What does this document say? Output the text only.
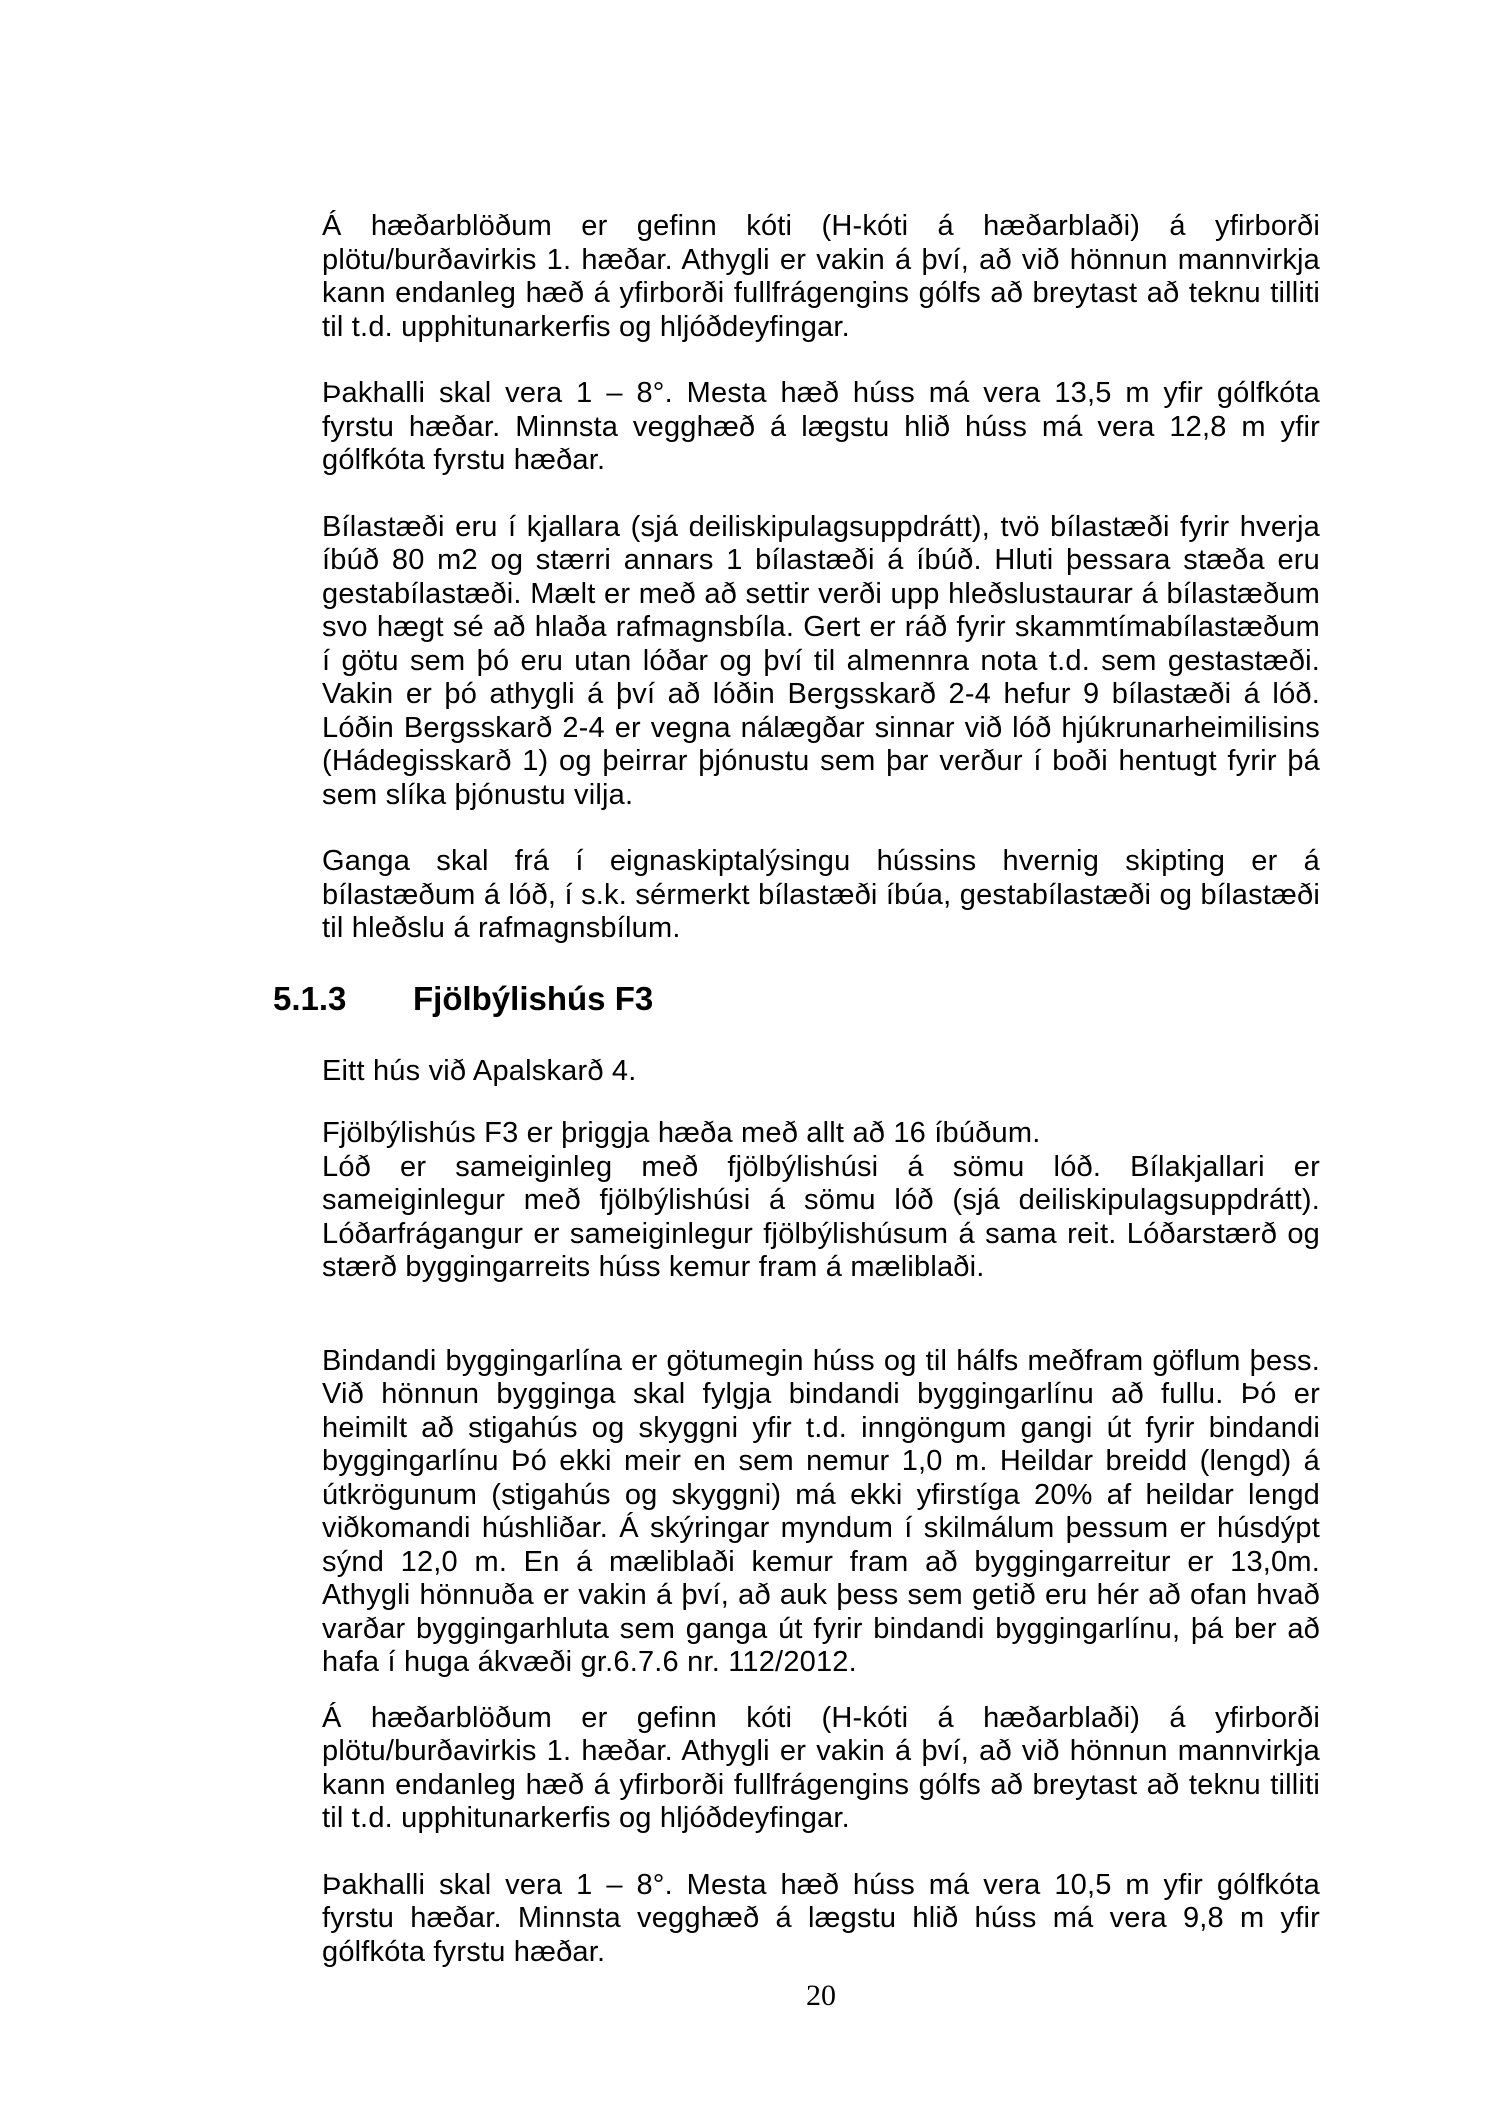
Á hæðarblöðum er gefinn kóti (H-kóti á hæðarblaði) á yfirborði plötu/burðavirkis 1. hæðar. Athygli er vakin á því, að við hönnun mannvirkja kann endanleg hæð á yfirborði fullfrágengins gólfs að breytast að teknu tilliti til t.d. upphitunarkerfis og hljóðdeyfingar.

Þakhalli skal vera 1 – 8°. Mesta hæð húss má vera 13,5 m yfir gólfkóta fyrstu hæðar. Minnsta vegghæð á lægstu hlið húss má vera 12,8 m yfir gólfkóta fyrstu hæðar.

Bílastæði eru í kjallara (sjá deiliskipulagsuppdrátt), tvö bílastæði fyrir hverja íbúð 80 m2 og stærri annars 1 bílastæði á íbúð. Hluti þessara stæða eru gestabílastæði. Mælt er með að settir verði upp hleðslustaurar á bílastæðum svo hægt sé að hlaða rafmagnsbíla. Gert er ráð fyrir skammtímabílastæðum í götu sem þó eru utan lóðar og því til almennra nota t.d. sem gestastæði. Vakin er þó athygli á því að lóðin Bergsskarð 2-4 hefur 9 bílastæði á lóð. Lóðin Bergsskarð 2-4 er vegna nálægðar sinnar við lóð hjúkrunarheimilisins (Hádegisskarð 1) og þeirrar þjónustu sem þar verður í boði hentugt fyrir þá sem slíka þjónustu vilja.

Ganga skal frá í eignaskiptalýsingu hússins hvernig skipting er á bílastæðum á lóð, í s.k. sérmerkt bílastæði íbúa, gestabílastæði og bílastæði til hleðslu á rafmagnsbílum.

5.1.3 Fjölbýlishús F3

Eitt hús við Apalskarð 4.

Fjölbýlishús F3 er þriggja hæða með allt að 16 íbúðum.

Lóð er sameiginleg með fjölbýlishúsi á sömu lóð. Bílakjallari er sameiginlegur með fjölbýlishúsi á sömu lóð (sjá deiliskipulagsuppdrátt). Lóðarfrágangur er sameiginlegur fjölbýlishúsum á sama reit. Lóðarstærð og stærð byggingarreits húss kemur fram á mæliblaði.

Bindandi byggingarlína er götumegin húss og til hálfs meðfram göflum þess. Við hönnun bygginga skal fylgja bindandi byggingarlínu að fullu. Þó er heimilt að stigahús og skyggni yfir t.d. inngöngum gangi út fyrir bindandi byggingarlínu Þó ekki meir en sem nemur 1,0 m. Heildar breidd (lengd) á útkrögunum (stigahús og skyggni) má ekki yfirstíga 20% af heildar lengd viðkomandi húshliðar. Á skýringar myndum í skilmálum þessum er húsdýpt sýnd 12,0 m. En á mæliblaði kemur fram að byggingarreitur er 13,0m. Athygli hönnuða er vakin á því, að auk þess sem getið eru hér að ofan hvað varðar byggingarhluta sem ganga út fyrir bindandi byggingarlínu, þá ber að hafa í huga ákvæði gr.6.7.6 nr. 112/2012.

Á hæðarblöðum er gefinn kóti (H-kóti á hæðarblaði) á yfirborði plötu/burðavirkis 1. hæðar. Athygli er vakin á því, að við hönnun mannvirkja kann endanleg hæð á yfirborði fullfrágengins gólfs að breytast að teknu tilliti til t.d. upphitunarkerfis og hljóðdeyfingar.

Þakhalli skal vera 1 – 8°. Mesta hæð húss má vera 10,5 m yfir gólfkóta fyrstu hæðar. Minnsta vegghæð á lægstu hlið húss má vera 9,8 m yfir gólfkóta fyrstu hæðar.

20
